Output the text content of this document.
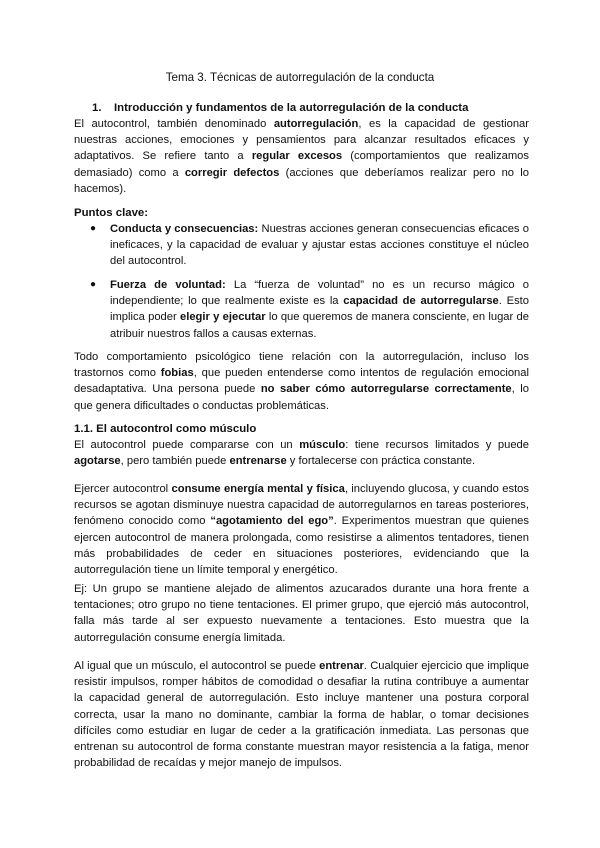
Tema 3. Técnicas de autorregulación de la conducta
1. Introducción y fundamentos de la autorregulación de la conducta

El autocontrol, también denominado autorregulación, es la capacidad de gestionar nuestras acciones, emociones y pensamientos para alcanzar resultados eficaces y adaptativos. Se refiere tanto a regular excesos (comportamientos que realizamos demasiado) como a corregir defectos (acciones que deberíamos realizar pero no lo hacemos).

Puntos clave:

● Conducta y consecuencias: Nuestras acciones generan consecuencias eficaces o ineficaces, y la capacidad de evaluar y ajustar estas acciones constituye el núcleo del autocontrol.

● Fuerza de voluntad: La “fuerza de voluntad” no es un recurso mágico o independiente; lo que realmente existe es la capacidad de autorregularse. Esto implica poder elegir y ejecutar lo que queremos de manera consciente, en lugar de atribuir nuestros fallos a causas externas.

Todo comportamiento psicológico tiene relación con la autorregulación, incluso los trastornos como fobias, que pueden entenderse como intentos de regulación emocional desadaptativa. Una persona puede no saber cómo autorregularse correctamente, lo que genera dificultades o conductas problemáticas.

1.1. El autocontrol como músculo

El autocontrol puede compararse con un músculo: tiene recursos limitados y puede agotarse, pero también puede entrenarse y fortalecerse con práctica constante.

Ejercer autocontrol consume energía mental y física, incluyendo glucosa, y cuando estos recursos se agotan disminuye nuestra capacidad de autorregularnos en tareas posteriores, fenómeno conocido como “agotamiento del ego”. Experimentos muestran que quienes ejercen autocontrol de manera prolongada, como resistirse a alimentos tentadores, tienen más probabilidades de ceder en situaciones posteriores, evidenciando que la autorregulación tiene un límite temporal y energético.

Ej: Un grupo se mantiene alejado de alimentos azucarados durante una hora frente a tentaciones; otro grupo no tiene tentaciones. El primer grupo, que ejerció más autocontrol, falla más tarde al ser expuesto nuevamente a tentaciones. Esto muestra que la autorregulación consume energía limitada.

Al igual que un músculo, el autocontrol se puede entrenar. Cualquier ejercicio que implique resistir impulsos, romper hábitos de comodidad o desafiar la rutina contribuye a aumentar la capacidad general de autorregulación. Esto incluye mantener una postura corporal correcta, usar la mano no dominante, cambiar la forma de hablar, o tomar decisiones difíciles como estudiar en lugar de ceder a la gratificación inmediata. Las personas que entrenan su autocontrol de forma constante muestran mayor resistencia a la fatiga, menor probabilidad de recaídas y mejor manejo de impulsos.
